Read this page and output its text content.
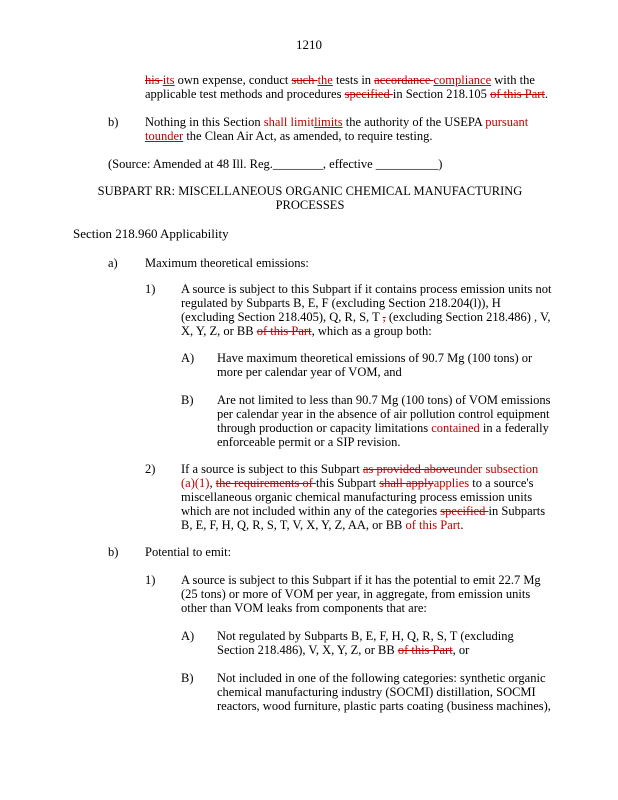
1210
his its own expense, conduct such the tests in accordance compliance with the
applicable test methods and procedures specified in Section 218.105 of this Part.
b) Nothing in this Section shall limitlimits the authority of the USEPA pursuant
tounder the Clean Air Act, as amended, to require testing.
(Source: Amended at 48 Ill. Reg.________, effective __________)
SUBPART RR: MISCELLANEOUS ORGANIC CHEMICAL MANUFACTURING
PROCESSES
Section 218.960 Applicability
a) Maximum theoretical emissions:
1) A source is subject to this Subpart if it contains process emission units not
regulated by Subparts B, E, F (excluding Section 218.204(l)), H
(excluding Section 218.405), Q, R, S, T , (excluding Section 218.486) , V,
X, Y, Z, or BB of this Part, which as a group both:
A) Have maximum theoretical emissions of 90.7 Mg (100 tons) or
more per calendar year of VOM, and
B) Are not limited to less than 90.7 Mg (100 tons) of VOM emissions
per calendar year in the absence of air pollution control equipment
through production or capacity limitations contained in a federally
enforceable permit or a SIP revision.
2) If a source is subject to this Subpart as provided aboveunder subsection
(a)(1), the requirements of this Subpart shall applyapplies to a source's
miscellaneous organic chemical manufacturing process emission units
which are not included within any of the categories specified in Subparts
B, E, F, H, Q, R, S, T, V, X, Y, Z, AA, or BB of this Part.
b) Potential to emit:
1) A source is subject to this Subpart if it has the potential to emit 22.7 Mg
(25 tons) or more of VOM per year, in aggregate, from emission units
other than VOM leaks from components that are:
A) Not regulated by Subparts B, E, F, H, Q, R, S, T (excluding
Section 218.486), V, X, Y, Z, or BB of this Part, or
B) Not included in one of the following categories: synthetic organic
chemical manufacturing industry (SOCMI) distillation, SOCMI
reactors, wood furniture, plastic parts coating (business machines),
